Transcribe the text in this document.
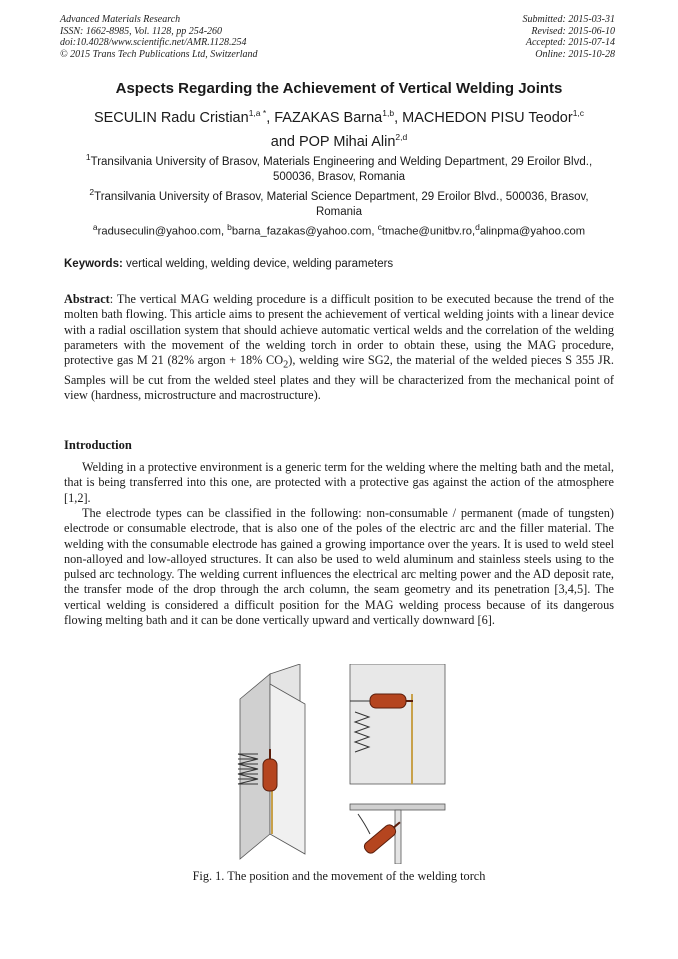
Advanced Materials Research
ISSN: 1662-8985, Vol. 1128, pp 254-260
doi:10.4028/www.scientific.net/AMR.1128.254
© 2015 Trans Tech Publications Ltd, Switzerland
Submitted: 2015-03-31
Revised: 2015-06-10
Accepted: 2015-07-14
Online: 2015-10-28
Aspects Regarding the Achievement of Vertical Welding Joints
SECULIN Radu Cristian$^{1,a *}$, FAZAKAS Barna$^{1,b}$, MACHEDON PISU Teodor$^{1,c}$
and POP Mihai Alin$^{2,d}$
$^1$Transilvania University of Brasov, Materials Engineering and Welding Department, 29 Eroilor Blvd., 500036, Brasov, Romania
$^2$Transilvania University of Brasov, Material Science Department, 29 Eroilor Blvd., 500036, Brasov, Romania
$^a$raduseculin@yahoo.com, $^b$barna_fazakas@yahoo.com, $^c$tmache@unitbv.ro,$^d$alinpma@yahoo.com
Keywords: vertical welding, welding device, welding parameters
Abstract: The vertical MAG welding procedure is a difficult position to be executed because the trend of the molten bath flowing. This article aims to present the achievement of vertical welding joints with a linear device with a radial oscillation system that should achieve automatic vertical welds and the correlation of the welding parameters with the movement of the welding torch in order to obtain these, using the MAG procedure, protective gas M 21 (82% argon + 18% $CO_2$), welding wire SG2, the material of the welded pieces S 355 JR. Samples will be cut from the welded steel plates and they will be characterized from the mechanical point of view (hardness, microstructure and macrostructure).
Introduction
Welding in a protective environment is a generic term for the welding where the melting bath and the metal, that is being transferred into this one, are protected with a protective gas against the action of the atmosphere [1,2].
The electrode types can be classified in the following: non-consumable / permanent (made of tungsten) electrode or consumable electrode, that is also one of the poles of the electric arc and the filler material. The welding with the consumable electrode has gained a growing importance over the years. It is used to weld steel non-alloyed and low-alloyed structures. It can also be used to weld aluminum and stainless steels using to the pulsed arc technology. The welding current influences the electrical arc melting power and the AD deposit rate, the transfer mode of the drop through the arch column, the seam geometry and its penetration [3,4,5]. The vertical welding is considered a difficult position for the MAG welding process because of its dangerous flowing melting bath and it can be done vertically upward and vertically downward [6].
Fig. 1. The position and the movement of the welding torch
